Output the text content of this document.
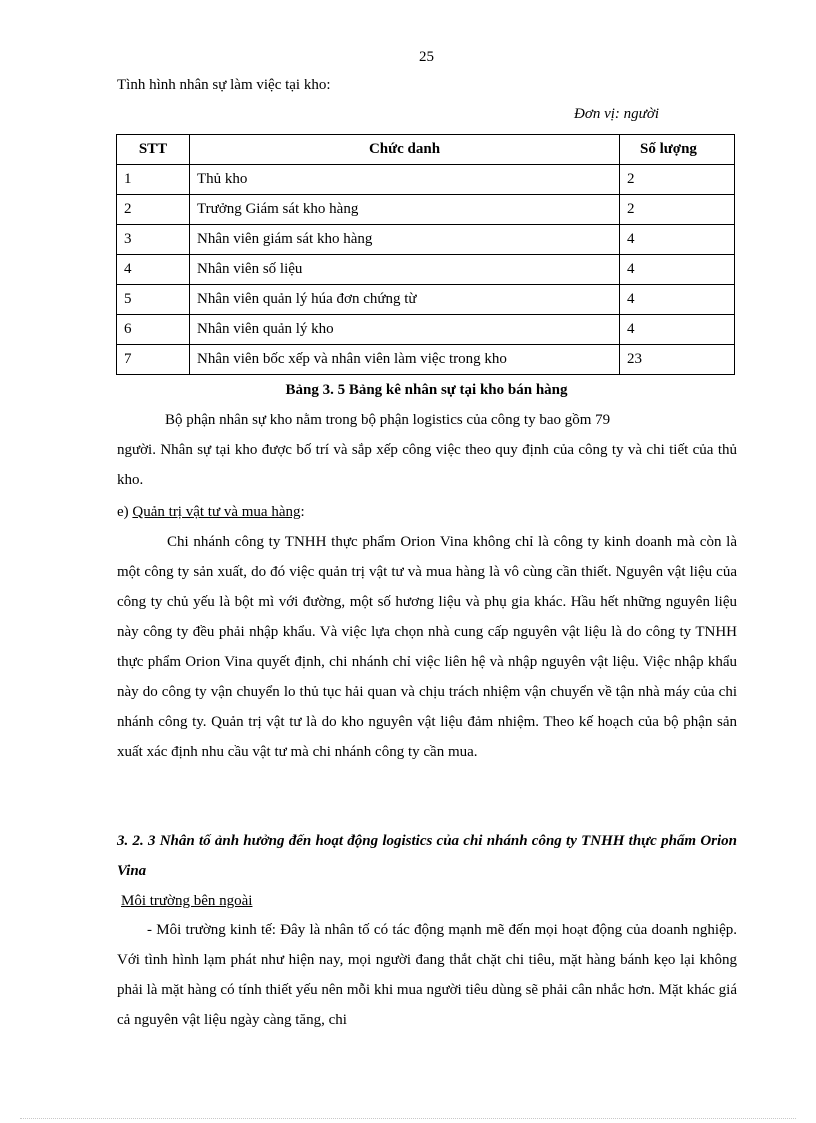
25
Tình hình nhân sự làm việc tại kho:
Đơn vị: người
STT	Chức danh	Số lượng
1	Thủ kho	2
2	Trưởng Giám sát kho hàng	2
3	Nhân viên giám sát kho hàng	4
4	Nhân viên số liệu	4
5	Nhân viên quản lý húa đơn chứng từ	4
6	Nhân viên quản lý kho	4
7	Nhân viên bốc xếp và nhân viên làm việc trong kho	23
Bảng 3. 5 Bảng kê nhân sự tại kho bán hàng
Bộ phận nhân sự kho nằm trong bộ phận logistics của công ty bao gồm 79
người. Nhân sự tại kho được bố trí và sắp xếp công việc theo quy định của công ty và chi tiết của thủ kho.
e) Quản trị vật tư và mua hàng:
Chi nhánh công ty TNHH thực phẩm Orion Vina không chỉ là công ty kinh doanh mà còn là một công ty sản xuất, do đó việc quản trị vật tư và mua hàng là vô cùng cần thiết. Nguyên vật liệu của công ty chủ yếu là bột mì với đường, một số hương liệu và phụ gia khác. Hầu hết những nguyên liệu này công ty đều phải nhập khẩu. Và việc lựa chọn nhà cung cấp nguyên vật liệu là do công ty TNHH thực phẩm Orion Vina quyết định, chi nhánh chỉ việc liên hệ và nhập nguyên vật liệu. Việc nhập khẩu này do công ty vận chuyển lo thủ tục hải quan và chịu trách nhiệm vận chuyển về tận nhà máy của chi nhánh công ty. Quản trị vật tư là do kho nguyên vật liệu đảm nhiệm. Theo kế hoạch của bộ phận sản xuất xác định nhu cầu vật tư mà chi nhánh công ty cần mua.
3. 2. 3 Nhân tố ảnh hưởng đến hoạt động logistics của chi nhánh công ty TNHH thực phẩm Orion Vina
Môi trường bên ngoài
- Môi trường kinh tế: Đây là nhân tố có tác động mạnh mẽ đến mọi hoạt động của doanh nghiệp. Với tình hình lạm phát như hiện nay, mọi người đang thắt chặt chi tiêu, mặt hàng bánh kẹo lại không phải là mặt hàng có tính thiết yếu nên mỗi khi mua người tiêu dùng sẽ phải cân nhắc hơn. Mặt khác giá cả nguyên vật liệu ngày càng tăng, chi
